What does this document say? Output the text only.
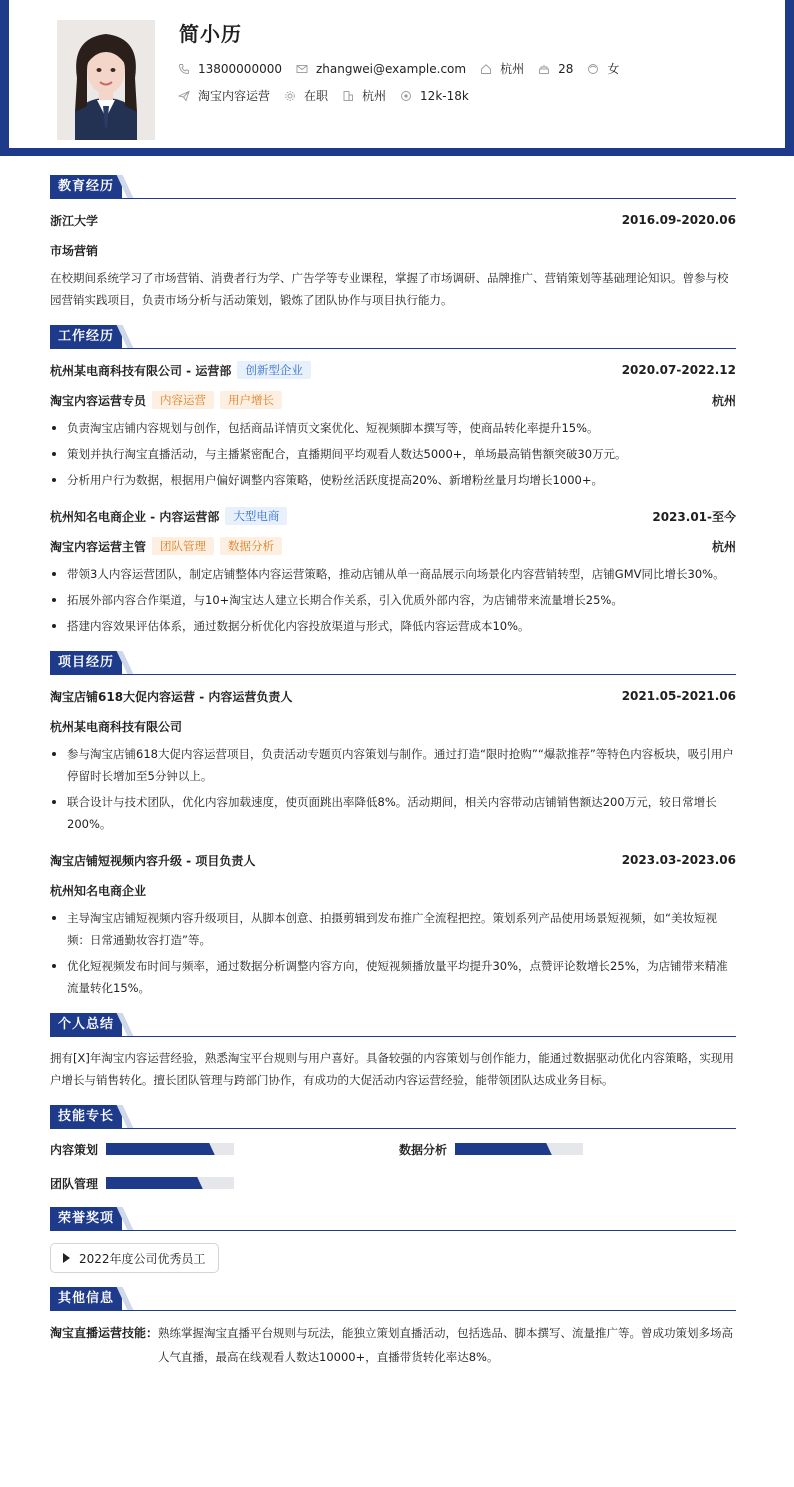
简小历
13800000000	zhangwei@example.com	杭州	28	女
淘宝内容运营	在职	杭州	12k-18k
教育经历
浙江大学	2016.09-2020.06
市场营销
在校期间系统学习了市场营销、消费者行为学、广告学等专业课程，掌握了市场调研、品牌推广、营销策划等基础理论知识。曾参与校园营销实践项目，负责市场分析与活动策划，锻炼了团队协作与项目执行能力。
工作经历
杭州某电商科技有限公司 - 运营部	创新型企业	2020.07-2022.12
淘宝内容运营专员	内容运营	用户增长	杭州
负责淘宝店铺内容规划与创作，包括商品详情页文案优化、短视频脚本撰写等，使商品转化率提升15%。
策划并执行淘宝直播活动，与主播紧密配合，直播期间平均观看人数达5000+，单场最高销售额突破30万元。
分析用户行为数据，根据用户偏好调整内容策略，使粉丝活跃度提高20%、新增粉丝量月均增长1000+。
杭州知名电商企业 - 内容运营部	大型电商	2023.01-至今
淘宝内容运营主管	团队管理	数据分析	杭州
带领3人内容运营团队，制定店铺整体内容运营策略，推动店铺从单一商品展示向场景化内容营销转型，店铺GMV同比增长30%。
拓展外部内容合作渠道，与10+淘宝达人建立长期合作关系，引入优质外部内容，为店铺带来流量增长25%。
搭建内容效果评估体系，通过数据分析优化内容投放渠道与形式，降低内容运营成本10%。
项目经历
淘宝店铺618大促内容运营 - 内容运营负责人	2021.05-2021.06
杭州某电商科技有限公司
参与淘宝店铺618大促内容运营项目，负责活动专题页内容策划与制作。通过打造“限时抢购”“爆款推荐”等特色内容板块，吸引用户停留时长增加至5分钟以上。
联合设计与技术团队，优化内容加载速度，使页面跳出率降低8%。活动期间，相关内容带动店铺销售额达200万元，较日常增长200%。
淘宝店铺短视频内容升级 - 项目负责人	2023.03-2023.06
杭州知名电商企业
主导淘宝店铺短视频内容升级项目，从脚本创意、拍摄剪辑到发布推广全流程把控。策划系列产品使用场景短视频，如“美妆短视频：日常通勤妆容打造”等。
优化短视频发布时间与频率，通过数据分析调整内容方向，使短视频播放量平均提升30%，点赞评论数增长25%，为店铺带来精准流量转化15%。
个人总结
拥有[X]年淘宝内容运营经验，熟悉淘宝平台规则与用户喜好。具备较强的内容策划与创作能力，能通过数据驱动优化内容策略，实现用户增长与销售转化。擅长团队管理与跨部门协作，有成功的大促活动内容运营经验，能带领团队达成业务目标。
技能专长
内容策划	数据分析
团队管理
荣誉奖项
2022年度公司优秀员工
其他信息
淘宝直播运营技能： 熟练掌握淘宝直播平台规则与玩法，能独立策划直播活动，包括选品、脚本撰写、流量推广等。曾成功策划多场高人气直播，最高在线观看人数达10000+，直播带货转化率达8%。
